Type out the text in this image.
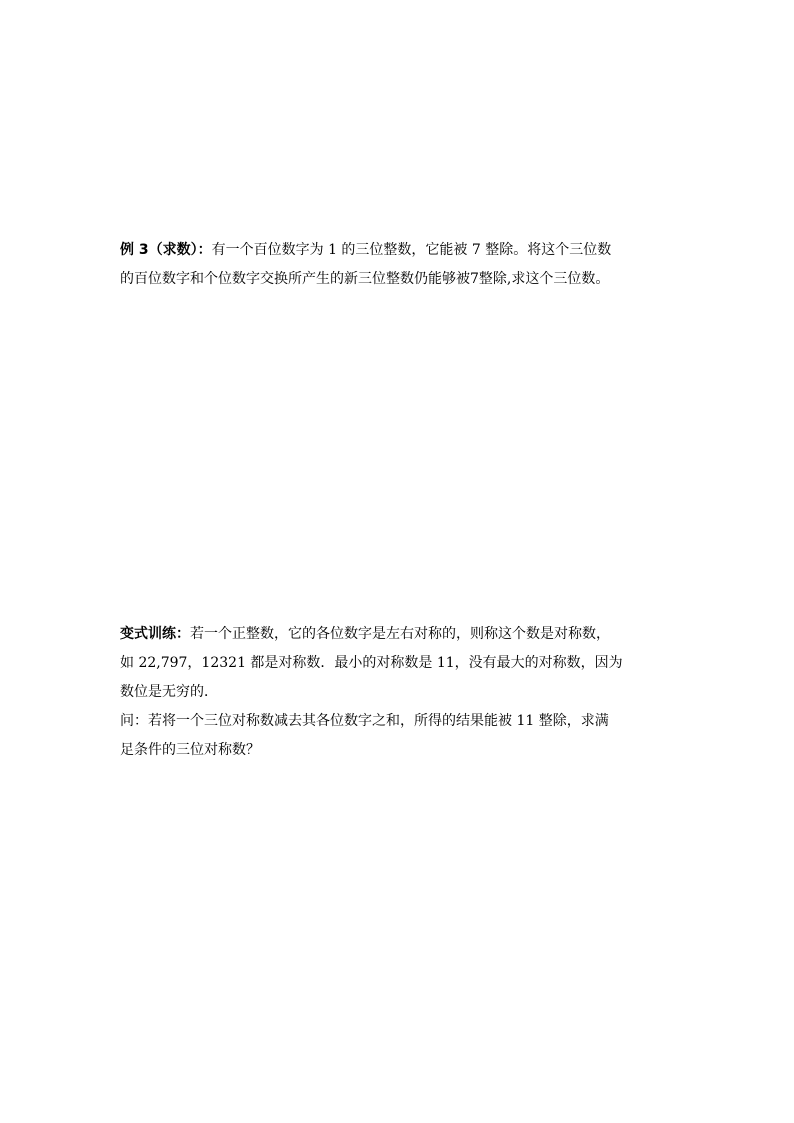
例 3（求数）：有一个百位数字为 1 的三位整数，它能被 7 整除。将这个三位数
的百位数字和个位数字交换所产生的新三位整数仍能够被7整除,求这个三位数。
变式训练：若一个正整数，它的各位数字是左右对称的，则称这个数是对称数，
如 22,797，12321 都是对称数．最小的对称数是 11，没有最大的对称数，因为
数位是无穷的．
问：若将一个三位对称数减去其各位数字之和，所得的结果能被 11 整除，求满
足条件的三位对称数？
